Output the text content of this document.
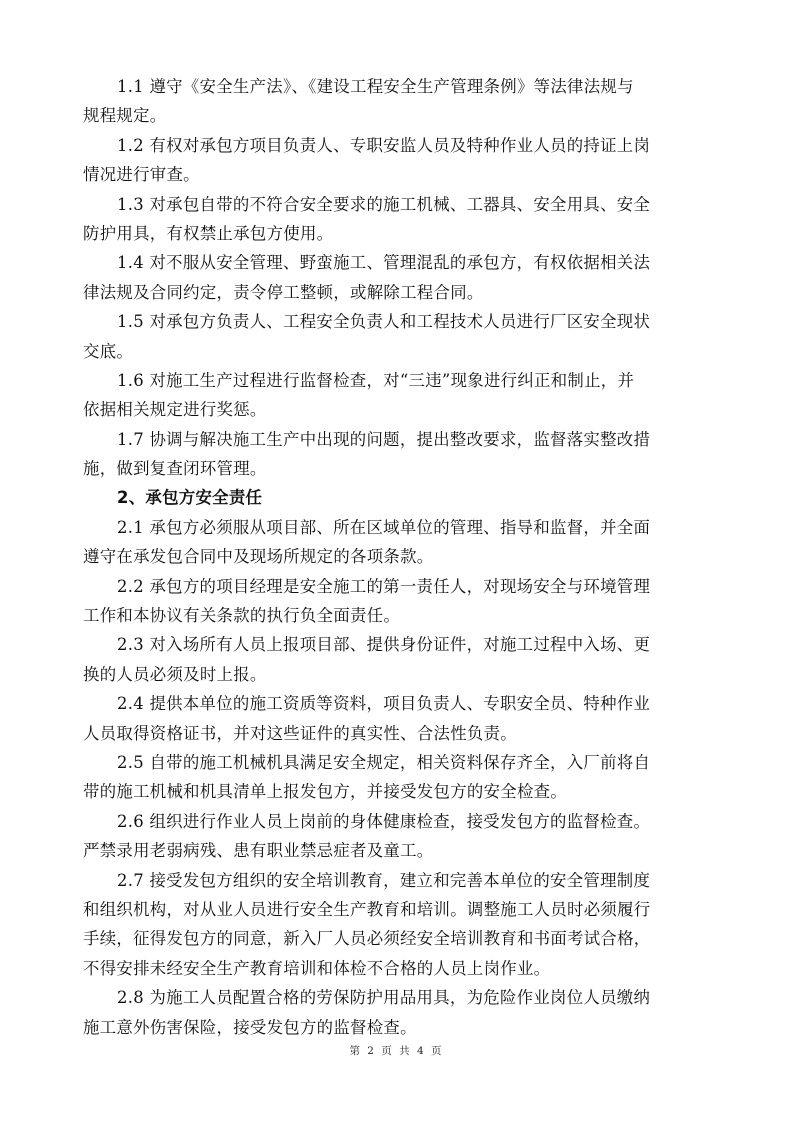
1.1 遵守《安全生产法》、《建设工程安全生产管理条例》等法律法规与
规程规定。
1.2 有权对承包方项目负责人、专职安监人员及特种作业人员的持证上岗
情况进行审查。
1.3 对承包自带的不符合安全要求的施工机械、工器具、安全用具、安全
防护用具，有权禁止承包方使用。
1.4 对不服从安全管理、野蛮施工、管理混乱的承包方，有权依据相关法
律法规及合同约定，责令停工整顿，或解除工程合同。
1.5 对承包方负责人、工程安全负责人和工程技术人员进行厂区安全现状
交底。
1.6 对施工生产过程进行监督检查，对“三违”现象进行纠正和制止，并
依据相关规定进行奖惩。
1.7 协调与解决施工生产中出现的问题，提出整改要求，监督落实整改措
施，做到复查闭环管理。
2、承包方安全责任
2.1 承包方必须服从项目部、所在区域单位的管理、指导和监督，并全面
遵守在承发包合同中及现场所规定的各项条款。
2.2 承包方的项目经理是安全施工的第一责任人，对现场安全与环境管理
工作和本协议有关条款的执行负全面责任。
2.3 对入场所有人员上报项目部、提供身份证件，对施工过程中入场、更
换的人员必须及时上报。
2.4 提供本单位的施工资质等资料，项目负责人、专职安全员、特种作业
人员取得资格证书，并对这些证件的真实性、合法性负责。
2.5 自带的施工机械机具满足安全规定，相关资料保存齐全，入厂前将自
带的施工机械和机具清单上报发包方，并接受发包方的安全检查。
2.6 组织进行作业人员上岗前的身体健康检查，接受发包方的监督检查。
严禁录用老弱病残、患有职业禁忌症者及童工。
2.7 接受发包方组织的安全培训教育，建立和完善本单位的安全管理制度
和组织机构，对从业人员进行安全生产教育和培训。调整施工人员时必须履行
手续，征得发包方的同意，新入厂人员必须经安全培训教育和书面考试合格，
不得安排未经安全生产教育培训和体检不合格的人员上岗作业。
2.8 为施工人员配置合格的劳保防护用品用具，为危险作业岗位人员缴纳
施工意外伤害保险，接受发包方的监督检查。
第 2 页 共 4 页
